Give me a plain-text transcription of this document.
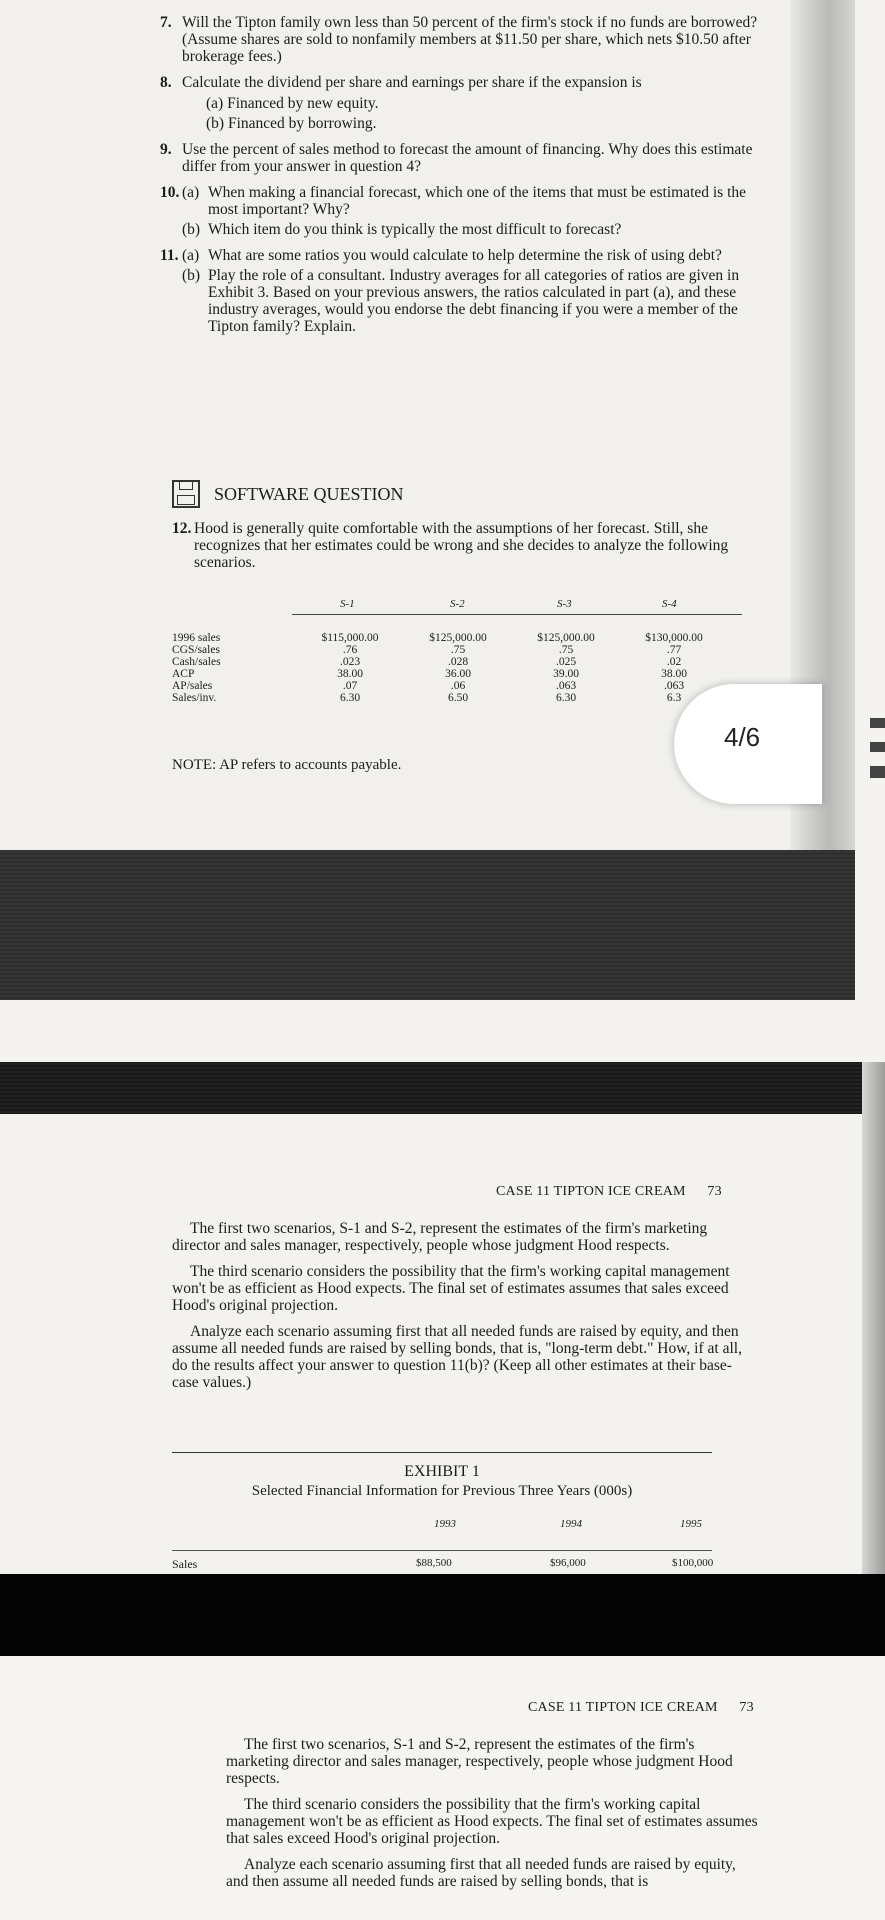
7. Will the Tipton family own less than 50 percent of the firm's stock if no funds are borrowed? (Assume shares are sold to nonfamily members at $11.50 per share, which nets $10.50 after brokerage fees.)
8. Calculate the dividend per share and earnings per share if the expansion is
(a) Financed by new equity.
(b) Financed by borrowing.
9. Use the percent of sales method to forecast the amount of financing. Why does this estimate differ from your answer in question 4?
10. (a) When making a financial forecast, which one of the items that must be estimated is the most important? Why?
(b) Which item do you think is typically the most difficult to forecast?
11. (a) What are some ratios you would calculate to help determine the risk of using debt?
(b) Play the role of a consultant. Industry averages for all categories of ratios are given in Exhibit 3. Based on your previous answers, the ratios calculated in part (a), and these industry averages, would you endorse the debt financing if you were a member of the Tipton family? Explain.
SOFTWARE QUESTION
12. Hood is generally quite comfortable with the assumptions of her forecast. Still, she recognizes that her estimates could be wrong and she decides to analyze the following scenarios.
S-1	S-2	S-3	S-4
1996 sales	$115,000.00	$125,000.00	$125,000.00	$130,000.00
CGS/sales	.76	.75	.75	.77
Cash/sales	.023	.028	.025	.02
ACP	38.00	36.00	39.00	38.00
AP/sales	.07	.06	.063	.063
Sales/inv.	6.30	6.50	6.30	6.3
NOTE: AP refers to accounts payable.
4/6
CASE 11 TIPTON ICE CREAM 73

The first two scenarios, S-1 and S-2, represent the estimates of the firm's marketing director and sales manager, respectively, people whose judgment Hood respects.

The third scenario considers the possibility that the firm's working capital management won't be as efficient as Hood expects. The final set of estimates assumes that sales exceed Hood's original projection.

Analyze each scenario assuming first that all needed funds are raised by equity, and then assume all needed funds are raised by selling bonds, that is, "long-term debt." How, if at all, do the results affect your answer to question 11(b)? (Keep all other estimates at their base-case values.)

EXHIBIT 1
Selected Financial Information for Previous Three Years (000s)
1993	1994	1995
Sales	$88,500	$96,000	$100,000
CASE 11 TIPTON ICE CREAM 73

The first two scenarios, S-1 and S-2, represent the estimates of the firm's marketing director and sales manager, respectively, people whose judgment Hood respects.

The third scenario considers the possibility that the firm's working capital management won't be as efficient as Hood expects. The final set of estimates assumes that sales exceed Hood's original projection.

Analyze each scenario assuming first that all needed funds are raised by equity, and then assume all needed funds are raised by selling bonds, that is
